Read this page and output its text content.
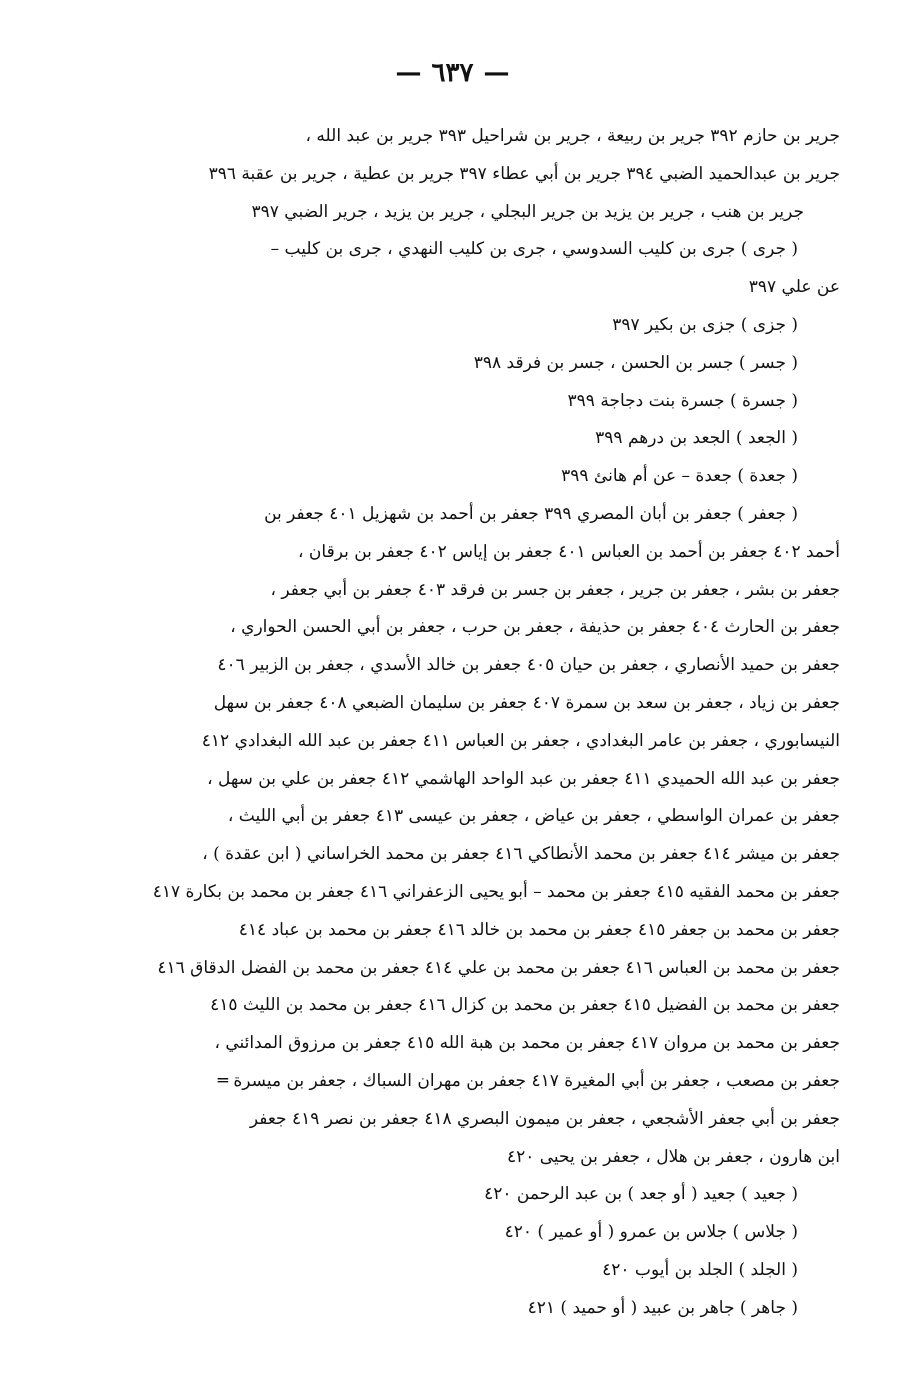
— ٦٣٧ —
جرير بن حازم ٣٩٢ جرير بن ربيعة ، جرير بن شراحيل ٣٩٣ جرير بن عبد الله ،
جرير بن عبدالحميد الضبي ٣٩٤ جرير بن أبي عطاء ٣٩٧ جرير بن عطية ، جرير بن عقبة ٣٩٦
جرير بن هنب ، جرير بن يزيد بن جرير البجلي ، جرير بن يزيد ، جرير الضبي ٣٩٧
( جرى ) جرى بن كليب السدوسي ، جرى بن كليب النهدي ، جرى بن كليب –
عن علي ٣٩٧
( جزى ) جزى بن بكير ٣٩٧
( جسر ) جسر بن الحسن ، جسر بن فرقد ٣٩٨
( جسرة ) جسرة بنت دجاجة ٣٩٩
( الجعد ) الجعد بن درهم ٣٩٩
( جعدة ) جعدة – عن أم هانئ ٣٩٩
( جعفر ) جعفر بن أبان المصري ٣٩٩ جعفر بن أحمد بن شهزيل ٤٠١ جعفر بن
أحمد ٤٠٢ جعفر بن أحمد بن العباس ٤٠١ جعفر بن إياس ٤٠٢ جعفر بن برقان ،
جعفر بن بشر ، جعفر بن جرير ، جعفر بن جسر بن فرقد ٤٠٣ جعفر بن أبي جعفر ،
جعفر بن الحارث ٤٠٤ جعفر بن حذيفة ، جعفر بن حرب ، جعفر بن أبي الحسن الحواري ،
جعفر بن حميد الأنصاري ، جعفر بن حيان ٤٠٥ جعفر بن خالد الأسدي ، جعفر بن الزبير ٤٠٦
جعفر بن زياد ، جعفر بن سعد بن سمرة ٤٠٧ جعفر بن سليمان الضبعي ٤٠٨ جعفر بن سهل
النيسابوري ، جعفر بن عامر البغدادي ، جعفر بن العباس ٤١١ جعفر بن عبد الله البغدادي ٤١٢
جعفر بن عبد الله الحميدي ٤١١ جعفر بن عبد الواحد الهاشمي ٤١٢ جعفر بن علي بن سهل ،
جعفر بن عمران الواسطي ، جعفر بن عياض ، جعفر بن عيسى ٤١٣ جعفر بن أبي الليث ،
جعفر بن ميشر ٤١٤ جعفر بن محمد الأنطاكي ٤١٦ جعفر بن محمد الخراساني ( ابن عقدة ) ،
جعفر بن محمد الفقيه ٤١٥ جعفر بن محمد – أبو يحيى الزعفراني ٤١٦ جعفر بن محمد بن بكارة ٤١٧
جعفر بن محمد بن جعفر ٤١٥ جعفر بن محمد بن خالد ٤١٦ جعفر بن محمد بن عباد ٤١٤
جعفر بن محمد بن العباس ٤١٦ جعفر بن محمد بن علي ٤١٤ جعفر بن محمد بن الفضل الدقاق ٤١٦
جعفر بن محمد بن الفضيل ٤١٥ جعفر بن محمد بن كزال ٤١٦ جعفر بن محمد بن الليث ٤١٥
جعفر بن محمد بن مروان ٤١٧ جعفر بن محمد بن هبة الله ٤١٥ جعفر بن مرزوق المدائني ،
جعفر بن مصعب ، جعفر بن أبي المغيرة ٤١٧ جعفر بن مهران السباك ، جعفر بن ميسرة ═
جعفر بن أبي جعفر الأشجعي ، جعفر بن ميمون البصري ٤١٨ جعفر بن نصر ٤١٩ جعفر
ابن هارون ، جعفر بن هلال ، جعفر بن يحيى ٤٢٠
( جعيد ) جعيد ( أو جعد ) بن عبد الرحمن ٤٢٠
( جلاس ) جلاس بن عمرو ( أو عمير ) ٤٢٠
( الجلد ) الجلد بن أيوب ٤٢٠
( جاهر ) جاهر بن عبيد ( أو حميد ) ٤٢١
